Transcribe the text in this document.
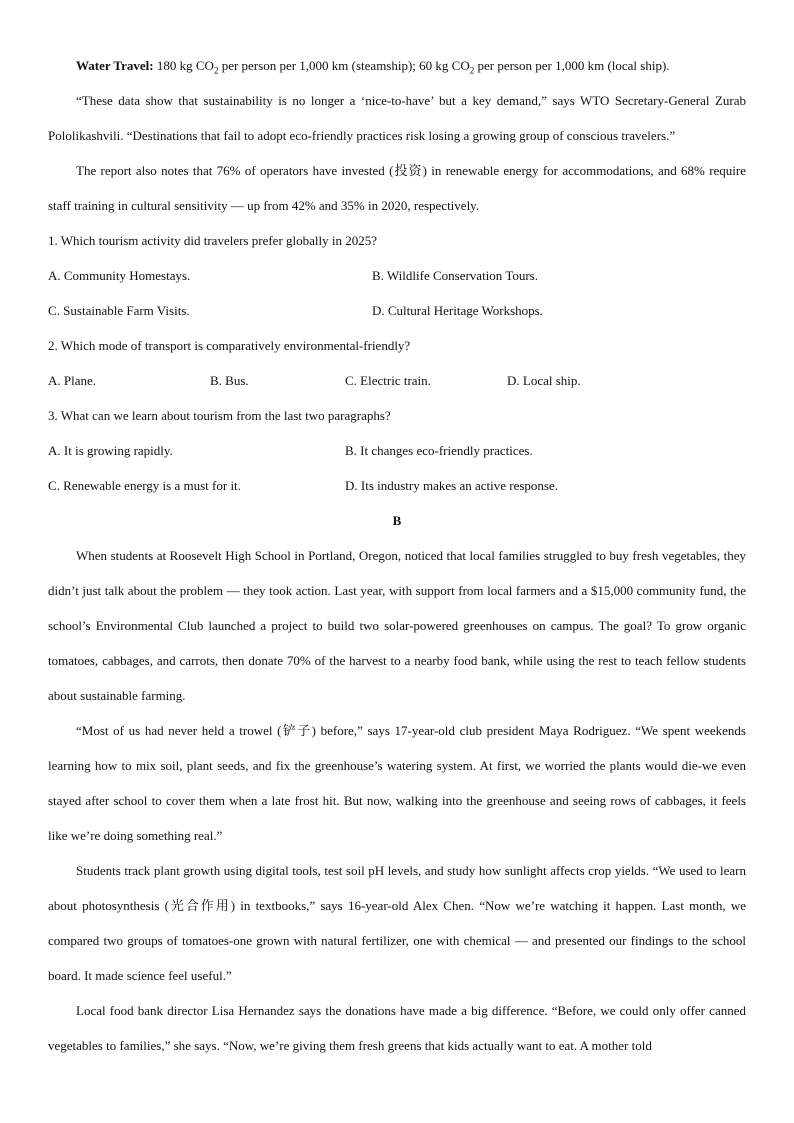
Water Travel: 180 kg $CO_2$ per person per 1,000 km (steamship); 60 kg $CO_2$ per person per 1,000 km (local ship).

“These data show that sustainability is no longer a ‘nice-to-have’ but a key demand,” says WTO Secretary-General Zurab Pololikashvili. “Destinations that fail to adopt eco-friendly practices risk losing a growing group of conscious travelers.”

The report also notes that 76% of operators have invested (投资) in renewable energy for accommodations, and 68% require staff training in cultural sensitivity — up from 42% and 35% in 2020, respectively.

1. Which tourism activity did travelers prefer globally in 2025?
A. Community Homestays.	B. Wildlife Conservation Tours.
C. Sustainable Farm Visits.	D. Cultural Heritage Workshops.
2. Which mode of transport is comparatively environmental-friendly?
A. Plane.	B. Bus.	C. Electric train.	D. Local ship.
3. What can we learn about tourism from the last two paragraphs?
A. It is growing rapidly.	B. It changes eco-friendly practices.
C. Renewable energy is a must for it.	D. Its industry makes an active response.
B

When students at Roosevelt High School in Portland, Oregon, noticed that local families struggled to buy fresh vegetables, they didn’t just talk about the problem — they took action. Last year, with support from local farmers and a $15,000 community fund, the school’s Environmental Club launched a project to build two solar-powered greenhouses on campus. The goal? To grow organic tomatoes, cabbages, and carrots, then donate 70% of the harvest to a nearby food bank, while using the rest to teach fellow students about sustainable farming.

“Most of us had never held a trowel (铲子) before,” says 17-year-old club president Maya Rodriguez. “We spent weekends learning how to mix soil, plant seeds, and fix the greenhouse’s watering system. At first, we worried the plants would die-we even stayed after school to cover them when a late frost hit. But now, walking into the greenhouse and seeing rows of cabbages, it feels like we’re doing something real.”

Students track plant growth using digital tools, test soil pH levels, and study how sunlight affects crop yields. “We used to learn about photosynthesis (光合作用) in textbooks,” says 16-year-old Alex Chen. “Now we’re watching it happen. Last month, we compared two groups of tomatoes-one grown with natural fertilizer, one with chemical — and presented our findings to the school board. It made science feel useful.”

Local food bank director Lisa Hernandez says the donations have made a big difference. “Before, we could only offer canned vegetables to families,” she says. “Now, we’re giving them fresh greens that kids actually want to eat. A mother told
